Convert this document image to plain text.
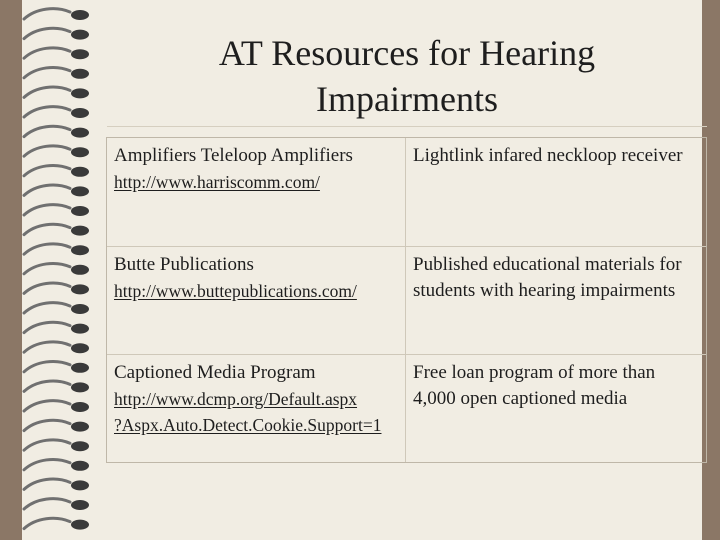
AT Resources for Hearing
Impairments
Amplifiers Teleloop Amplifiers
http://www.harriscomm.com/
Lightlink infared neckloop receiver
Butte Publications
http://www.buttepublications.com/
Published educational materials for students with hearing impairments
Captioned Media Program
http://www.dcmp.org/Default.aspx
?Aspx.Auto.Detect.Cookie.Support=1
Free loan program of more than 4,000 open captioned media
